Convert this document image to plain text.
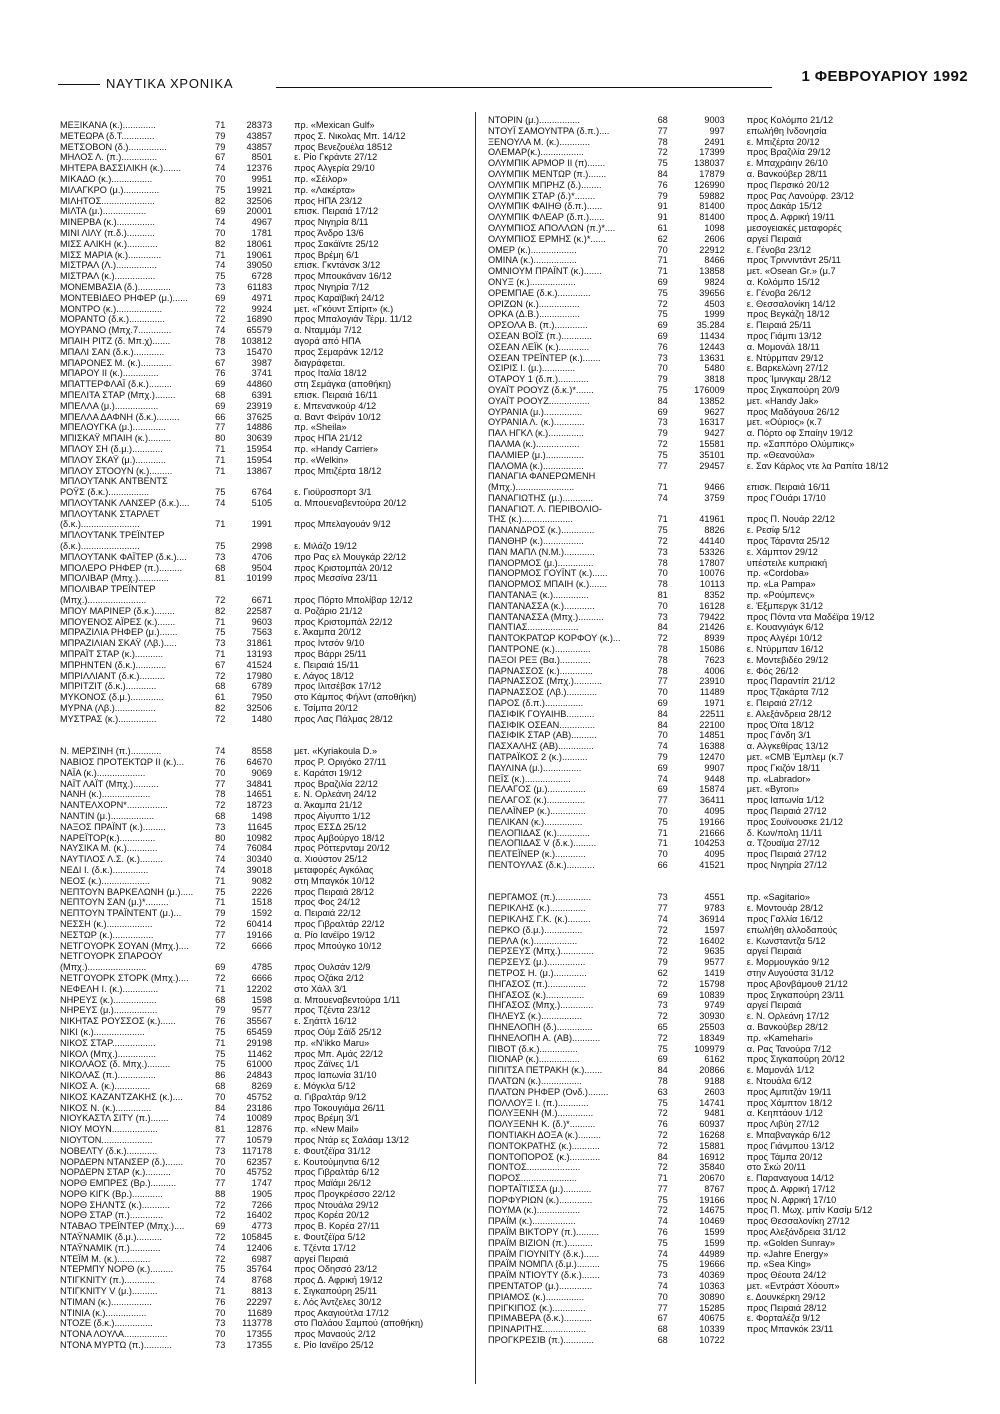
ΝΑΥΤΙΚΑ ΧΡΟΝΙΚΑ	1 ΦΕΒΡΟΥΑΡΙΟΥ 1992
ΜΕΞΙΚΑΝΑ (κ.).............	71	28373	πρ. «Mexican Gulf»
ΜΕΤΕΩΡΑ (δ.Τ.............	79	43857	προς Σ. Νικολας Μπ. 14/12
ΜΕΤΣΟΒΟΝ (δ.)...............	79	43857	προς Βενεζουέλα 18512
ΜΗΛΟΣ Λ. (π.)..............	67	8501	ε. Ρίο Γκράντε 27/12
ΜΗΤΕΡΑ ΒΑΣΣΙΛΙΚΗ (κ.).......	74	12376	προς Αλγερία 29/10
ΜΙΚΑΔΟ (κ.)................	70	9951	πρ. «Σέιλορ»
ΜΙΛΑΓΚΡΟ (μ.)..............	75	19921	πρ. «Λακέρτα»
ΜΙΛΗΤΟΣ.....................	82	32506	προς ΗΠΑ 23/12
ΜΙΛΤΑ (μ.).................	69	20001	επισκ. Πειραιά 17/12
ΜΙΝΕΡΒΑ (κ.)...............	74	4967	προς Νιγηρία 8/11
ΜΙΝΙ ΛΙΛΥ (π.δ.)...........	70	1781	προς Άνδρο 13/6
ΜΙΣΣ ΑΛΙΚΗ (κ.)............	82	18061	προς Σακάϊντε 25/12
ΜΙΣΣ ΜΑΡΙΑ (κ.).............	71	19061	προς Βρέμη 6/1
ΜΙΣΤΡΑΛ (Λ.)................	74	39050	επισκ. Γκντάνσκ 3/12
ΜΙΣΤΡΑΛ (κ.)................	75	6728	προς Μπουκάναν 16/12
ΜΟΝΕΜΒΑΣΙΑ (δ.).............	73	61183	προς Νιγηρία 7/12
ΜΟΝΤΕΒΙΔΕΟ ΡΗΦΕΡ (μ.)......	69	4971	προς Καραϊβική 24/12
ΜΟΝΤΡΟ (κ.)..................	72	9924	μετ. «Γκόυντ Σπίριτ» (κ.)
ΜΟΡΑΝΤΟ (δ.κ.)..............	72	16890	προς Μπαλογιάν Τέρμ. 11/12
ΜΟΥΡΑΝΟ (Μπχ.7.............	74	65579	α. Νταμμάμ 7/12
ΜΠΑΙΗ ΡΙΤΖ (δ. Μπ.χ).......	78	103812	αγορά από ΗΠΑ
ΜΠΑΛΙ ΣΑΝ (δ.κ.)............	73	15470	προς Σεμαράνκ 12/12
ΜΠΑΡΟΝΕΣ Μ. (κ.)............	67	3987	διαγράφεται.
ΜΠΑΡΟΥ ΙΙ (κ.)..............	76	3741	προς Ιταλία 18/12
ΜΠΑΤΤΕΡΦΛΑΪ (δ.κ.).........	69	44860	στη Σεμάγκα (αποθήκη)
ΜΠΕΛΙΤΑ ΣΤΑΡ (Μπχ.)........	68	6391	επισκ. Πειραιά 16/11
ΜΠΕΛΛΑ (μ.).................	69	23919	ε. Μπενανκούρ 4/12
ΜΠΕΛΛΑ ΔΑΦΝΗ (δ.κ.).........	66	37625	α. Βαντ Φεϊράν 10/12
ΜΠΕΛΟΥΓΚΑ (μ.).............	77	14886	πρ. «Sheila»
ΜΠΙΣΚΑΫ ΜΠΑΙΗ (κ.).........	80	30639	προς ΗΠΑ 21/12
ΜΠΛΟΥ ΣΗ (δ.μ.)............	71	15954	πρ. «Handy Carrier»
ΜΠΛΟΥ ΣΚΑΫ (μ.)............	71	15954	πρ. «Welkin»
ΜΠΛΟΥ ΣΤΟΟΥΝ (κ.).........	71	13867	προς Μπιζέρτα 18/12
ΜΠΛΟΥΤΑΝΚ ΑΝΤΒΕΝΤΣ
ΡΟΫΣ (δ.κ.)................	75	6764	ε. Γιοϋροσπορτ 3/1
ΜΠΛΟΥΤΑΝΚ ΛΑΝΣΕΡ (δ.κ.)....	74	5105	α. Μπουεναβεντούρα 20/12
ΜΠΛΟΥΤΑΝΚ ΣΤΑΡΛΕΤ
(δ.κ.).......................	71	1991	προς Μπελαγουάν 9/12
ΜΠΛΟΥΤΑΝΚ ΤΡΕΪΝΤΕΡ
(δ.κ.).......................	75	2998	ε. Μιλάζο 19/12
ΜΠΛΟΥΤΑΝΚ ΦΑΪΤΕΡ (δ.κ.)....	73	4706	προ Ρας ελ Μουγκάρ 22/12
ΜΠΟΛΕΡΟ ΡΗΦΕΡ (π.).........	68	9504	προς Κριστομπάλ 20/12
ΜΠΟΛΙΒΑΡ (Μπχ.)............	81	10199	προς Μεσσίνα 23/11
ΜΠΟΛΙΒΑΡ ΤΡΕΪΝΤΕΡ
(Μπχ.).......................	72	6671	προς Πόρτο Μπολίβαρ 12/12
ΜΠΟΥ ΜΑΡΙΝΕΡ (δ.κ.)........	82	22587	α. Ροζάριο 21/12
ΜΠΟΥΕΝΟΣ ΑΪΡΕΣ (κ.).......	71	9603	προς Κριστομπάλ 22/12
ΜΠΡΑΖΙΛΙΑ ΡΗΦΕΡ (μ.).......	75	7563	ε. Άκαμπα 20/12
ΜΠΡΑΖΙΛΙΑΝ ΣΚΑΫ (Λβ.).....	73	31861	προς Ιντσόν 9/10
ΜΠΡΑΪΤ ΣΤΑΡ (κ.)...........	71	13193	προς Βάρρι 25/11
ΜΠΡΗΝΤΕΝ (δ.κ.)............	67	41524	ε. Πειραιά 15/11
ΜΠΡΙΛΛΙΑΝΤ (δ.κ.)..........	72	17980	ε. Λάγος 18/12
ΜΠΡΙΤΖΙΤ (δ.κ.)............	68	6789	προς Ιλιτσέβσκ 17/12
ΜΥΚΟΝΟΣ (δ.μ.).............	61	7950	στο Κάμπος Φήλντ (αποθήκη)
ΜΥΡΝΑ (Λβ.)................	82	32506	ε. Τσίμπα 20/12
ΜΥΣΤΡΑΣ (κ.)...............	72	1480	προς Λας Πάλμας 28/12
Ν. ΜΕΡΣΙΝΗ (π.)............	74	8558	μετ. «Kyriakoula D.»
ΝΑΒΙΟΣ ΠΡΟΤΕΚΤΩΡ ΙΙ (κ.)...	76	64670	προς Ρ. Οριγόκο 27/11
ΝΑΪΑ (κ.)...................	70	9069	ε. Καράτσι 19/12
ΝΑΪΤ ΛΑΪΤ (Μπχ.)..........	77	34841	προς Βραζιλία 22/12
ΝΑΝΗ (κ.)...................	78	14651	ε. Ν. Ορλεάνη 24/12
ΝΑΝΤΕΛΧΟΡΝ*................	72	18723	α. Άκαμπα 21/12
ΝΑΝΤΙΝ (μ.).................	68	1498	προς Αίγυπτο 1/12
ΝΑΞΟΣ ΠΡΑΪΝΤ (κ.).........	73	11645	προς ΕΣΣΔ 25/12
ΝΑΡΕΪΤΟΡ(κ.)..............	80	10982	προς Αμβούργο 18/12
ΝΑΥΣΙΚΑ Μ. (κ.)............	74	76084	προς Ρόττερνταμ 20/12
ΝΑΥΤΙΛΟΣ Λ.Σ. (κ.).........	74	30340	α. Χιούστον 25/12
ΝΕΔΙ Ι. (δ.κ.)..............	74	39018	μεταφορές Αγκόλας
ΝΕΟΣ (κ.)...................	71	9082	στη Μπαγκόκ 10/12
ΝΕΠΤΟΥΝ ΒΑΡΚΕΛΩΝΗ (μ.).....	75	2226	προς Πειραιά 28/12
ΝΕΠΤΟΥΝ ΣΑΝ (μ.)*.........	71	1518	προς Φος 24/12
ΝΕΠΤΟΥΝ ΤΡΑΪΝΤΕΝΤ (μ.)...	79	1592	α. Πειραιά 22/12
ΝΕΣΣΗ (κ.)..................	72	60414	προς Γιβραλτάρ 22/12
ΝΕΣΤΩΡ (κ.)................	77	19166	α. Ρίο Ιανέϊρο 19/12
ΝΕΤΓΟΥΟΡΚ ΣΟΥΑΝ (Μπχ.)....	72	6666	προς Μπούγκο 10/12
ΝΕΤΓΟΥΟΡΚ ΣΠΑΡΟΟΥ
(Μπχ.).......................	69	4785	προς Ουλσάν 12/9
ΝΕΤΓΟΥΟΡΚ ΣΤΟΡΚ (Μπχ.)....	72	6666	προς Οζάκα 2/12
ΝΕΦΕΛΗ Ι. (κ.)..............	71	12202	στο Χάλλ 3/1
ΝΗΡΕΥΣ (κ.).................	68	1598	α. Μπουεναβεντούρα 1/11
ΝΗΡΕΥΣ (μ.).................	79	9577	προς Τζέντα 23/12
ΝΙΚΗΤΑΣ ΡΟΥΣΣΟΣ (κ.)......	76	35567	ε. Σηάττλ 16/12
ΝΙΚΙ (κ.)....................	75	65459	προς Ούμ Σάϊδ 25/12
ΝΙΚΟΣ ΣΤΑΡ.................	71	29198	πρ. «Ν'ikko Maru»
ΝΙΚΟΛ (Μπχ.)...............	75	11462	προς Μπ. Αμάς 22/12
ΝΙΚΟΛΑΟΣ (δ. Μπχ.).........	75	61000	προς Ζάϊνες 1/1
ΝΙΚΟΛΑΣ (π.)...............	86	24843	προς Ιαπωνία 31/10
ΝΙΚΟΣ Α. (κ.)..............	68	8269	ε. Μόγκλα 5/12
ΝΙΚΟΣ ΚΑΖΑΝΤΖΑΚΗΣ (κ.)....	70	45752	α. Γιβραλτάρ 9/12
ΝΙΚΟΣ Ν. (κ.)..............	84	23186	προ Τοκουγιάμα 26/11
ΝΙΟΥΚΑΣΤΛ ΣΙΤΥ (π.).......	74	10089	προς Βρέμη 3/1
ΝΙΟΥ ΜΟΥΝ..................	81	12876	πρ. «New Mail»
ΝΙΟΥΤΟΝ....................	77	10579	προς Ντάρ ες Σαλάαμ 13/12
ΝΟΒΕΛΤΥ (δ.κ.)............	73	117178	ε. Φουτζέϊρα 31/12
ΝΟΡΔΕΡΝ ΝΤΑΝΣΕΡ (δ.).......	70	62357	ε. Κουτούμηντια 6/12
ΝΟΡΔΕΡΝ ΣΤΑΡ (κ.)..........	70	45752	προς Γιβραλτάρ 6/12
ΝΟΡΘ ΕΜΠΡΕΣ (Βρ.)..........	77	1747	προς Μαϊάμι 26/12
ΝΟΡΘ ΚΙΓΚ (Βρ.)............	88	1905	προς Προγκρέσσο 22/12
ΝΟΡΘ ΣΗΛΝΤΣ (κ.)...........	72	7266	προς Ντουάλα 29/12
ΝΟΡΘ ΣΤΑΡ (π.).............	72	16402	προς Κορέα 20/12
ΝΤΑΒΑΟ ΤΡΕΪΝΤΕΡ (Μπχ.)....	69	4773	προς Β. Κορέα 27/11
ΝΤΑΫΝΑΜΙΚ (δ.μ.)..........	72	105845	ε. Φουτζέϊρα 5/12
ΝΤΑΫΝΑΜΙΚ (π.)............	74	12406	ε. Τζέντα 17/12
ΝΤΕΪΜ Μ. (κ.).............	72	6987	αργεί Πειραιά
ΝΤΕΡΜΠΥ ΝΟΡΘ (κ.).........	75	35764	προς Οδησσό 23/12
ΝΤΙΓΚΝΙΤΥ (π.)............	74	8768	προς Δ. Αφρική 19/12
ΝΤΙΓΚΝΙΤΥ V (μ.)..........	71	8813	ε. Σιγκαπούρη 25/11
ΝΤΙΜΑΝ (κ.)................	76	22297	ε. Λός Άντζελες 30/12
ΝΤΙΝΙΑ (κ.)................	70	11689	προς Ακαγιούτλα 17/12
ΝΤΟΖΕ (δ.κ.)...............	73	113778	στο Παλάου Σαμπού (αποθήκη)
ΝΤΟΝΑ ΛΟΥΛΑ.................	70	17355	προς Μαναούς 2/12
ΝΤΟΝΑ ΜΥΡΤΩ (π.)...........	73	17355	ε. Ρίο Ιανέϊρο 25/12
ΝΤΟΡΙΝ (μ.)................	68	9003	προς Κολόμπο 21/12
ΝΤΟΥΪ ΣΑΜΟΥΝΤΡΑ (δ.π.)....	77	997	επωλήθη Ινδονησία
ΞΕΝΟΥΛΑ Μ. (κ.)............	78	2491	ε. Μπιζέρτα 20/12
ΟΛΕΜΑΡ(κ.).................	72	17399	προς Βραζιλία 29/12
ΟΛΥΜΠΙΚ ΑΡΜΟΡ ΙΙ (π).......	75	138037	ε. Μπαχράιην 26/10
ΟΛΥΜΠΙΚ ΜΕΝΤΩΡ (π.).......	84	17879	α. Βανκούβερ 28/11
ΟΛΥΜΠΙΚ ΜΠΡΗΖ (δ.)........	76	126990	προς Περσικό 20/12
ΟΛΥΜΠΙΚ ΣΤΑΡ (δ.)*........	79	59882	προς Ρας Λανούρφ. 23/12
ΟΛΥΜΠΙΚ ΦΑΙΗΘ (δ.π.)......	91	81400	προς Δακάρ 15/12
ΟΛΥΜΠΙΚ ΦΛΕΑΡ (δ.π.)......	91	81400	προς Δ. Αφρική 19/11
ΟΛΥΜΠΙΟΣ ΑΠΟΛΛΩΝ (π.)*....	61	1098	μεσογειακές μεταφορές
ΟΛΥΜΠΙΟΣ ΕΡΜΗΣ (κ.)*......	62	2606	αργεί Πειραιά
ΟΜΕΡ (κ.)..................	70	22912	ε. Γένοβα 23/12
ΟΜΙΝΑ (κ.).................	71	8466	προς Τριννιντάντ 25/11
ΟΜΝΙΟΥΜ ΠΡΑΪΝΤ (κ.).......	71	13858	μετ. «Osean Gr.» (μ.7
ΟΝΥΞ (κ.)..................	69	9824	α. Κολόμπο 15/12
ΟΡΕΜΠΑΕ (δ.κ.).............	75	39656	ε. Γένοβα 26/12
ΟΡΙΖΩΝ (κ.)................	72	4503	ε. Θεσσαλονίκη 14/12
ΟΡΚΑ (Δ.Β.)................	75	1999	προς Βεγκάζη 18/12
ΟΡΣΟΛΑ Β. (π.).............	69	35.284	ε. Πειραιά 25/11
ΟΣΕΑΝ ΒΟΪΣ (π.)............	69	11434	προς Γιάμπι 13/12
ΟΣΕΑΝ ΛΕΪΚ (κ.)............	76	12443	α. Μομονάλ 18/11
ΟΣΕΑΝ ΤΡΕΪΝΤΕΡ (κ.).......	73	13631	ε. Ντύρμπαν 29/12
ΟΣΙΡΙΣ Ι. (μ.).............	70	5480	ε. Βαρκελώνη 27/12
ΟΤΑΡΟΥ 1 (δ.π.)............	79	3818	προς Ίμινγκαμ 28/12
ΟΥΑΪΤ ΡΟΟΥΖ (δ.κ.)*.......	75	176009	προς Σιγκαπούρη 20/9
ΟΥΑΪΤ ΡΟΟΥΖ................	84	13852	μετ. «Handy Jak»
ΟΥΡΑΝΙΑ (μ.)...............	69	9627	προς Μαδάγουα 26/12
ΟΥΡΑΝΙΑ Λ. (κ.)............	73	16317	μετ. «Ούριος» (κ.7
ΠΑΛ ΗΓΚΛ (κ.)..............	79	9427	α. Πόρτο οφ Σπαίην 19/12
ΠΑΛΜΑ (κ.).................	72	15581	πρ. «Σαππόρο Ολύμπικς»
ΠΑΛΜΙΕΡ (μ.)...............	75	35101	πρ. «Θεανούλα»
ΠΑΛΟΜΑ (κ.)................	77	29457	ε. Σαν Κάρλος ντε λα Ραπίτα 18/12
ΠΑΝΑΓΙΑ ΦΑΝΕΡΩΜΕΝΗ
(Μπχ.).......................	71	9466	επισκ. Πειραιά 16/11
ΠΑΝΑΓΙΩΤΗΣ (μ.)............	74	3759	προς ΓΟυάρι 17/10
ΠΑΝΑΓΙΩΤ. Λ. ΠΕΡΙΒΟΛΙΟ-
ΤΗΣ (κ.)....................	71	41961	προς Π. Νουάρ 22/12
ΠΑΝΑΝΔΡΟΣ (κ.).............	75	8826	ε. Ρεσίφ 5/12
ΠΑΝΘΗΡ (κ.)................	72	44140	προς Τάραντα 25/12
ΠΑΝ ΜΑΠΛ (Ν.Μ.)............	73	53326	ε. Χάμπτον 29/12
ΠΑΝΟΡΜΟΣ (μ.)..............	78	17807	υπέστειλε κυπριακή
ΠΑΝΟΡΜΟΣ ΓΟΥΪΝΤ (κ.)......	70	10076	πρ. «Cordoba»
ΠΑΝΟΡΜΟΣ ΜΠΑΙΗ (κ.).......	78	10113	πρ. «La Pampa»
ΠΑΝΤΑΝΑΞ (κ.)..............	81	8352	πρ. «Ρούμπενς»
ΠΑΝΤΑΝΑΣΣΑ (κ.)............	70	16128	ε. Έξμπεργκ 31/12
ΠΑΝΤΑΝΑΣΣΑ (Μπχ.)..........	73	79422	προς Πόντα ντα Μαδέϊρα 19/12
ΠΑΝΤΙΑΣ....................	84	21426	ε. Κουανγιάγκ 6/12
ΠΑΝΤΟΚΡΑΤΩΡ ΚΟΡΦΟΥ (κ.)...	72	8939	προς Αλγέρι 10/12
ΠΑΝΤΡΟΝΕ (κ.)..............	78	15086	ε. Ντύρμπαν 16/12
ΠΑΞΟΙ ΡΕΞ (Βα.)............	78	7623	ε. Μοντεβιδέο 29/12
ΠΑΡΝΑΣΣΟΣ (κ.).............	78	4006	ε. Φός 26/12
ΠΑΡΝΑΣΣΟΣ (Μπχ.)...........	77	23910	προς Παραντίπ 21/12
ΠΑΡΝΑΣΣΟΣ (Λβ.)............	70	11489	προς Τζακάρτα 7/12
ΠΑΡΟΣ (δ.π.)...............	69	1971	ε. Πειραιά 27/12
ΠΑΣΙΦΙΚ ΓΟΥΑΙΗΒ...........	84	22511	ε. Αλεξάνδρεια 28/12
ΠΑΣΙΦΙΚ ΟΣΕΑΝ..............	84	22100	προς Όϊτα 18/12
ΠΑΣΙΦΙΚ ΣΤΑΡ (ΑΒ)..........	70	14851	προς Γάνδη 3/1
ΠΑΣΧΑΛΗΣ (ΑΒ)..............	74	16388	α. Αλγκεθίρας 13/12
ΠΑΤΡΑΪΚΟΣ 2 (κ.)..........	79	12470	μετ. «CMB Έμπλεμ (κ.7
ΠΑΥΛΙΝΑ (μ.)...............	69	9907	προς Γκιζόν 18/11
ΠΕΪΣ (κ.)..................	74	9448	πρ. «Labrador»
ΠΕΛΑΓΟΣ (μ.)...............	69	15874	μετ. «Byron»
ΠΕΛΑΓΟΣ (κ.)...............	77	36411	προς Ιαπωνία 1/12
ΠΕΛΑΪΝΕΡ (κ.)..............	70	4095	προς Πειραιά 27/12
ΠΕΛΙΚΑΝ (κ.)...............	75	19166	προς Σουϊνουσκε 21/12
ΠΕΛΟΠΙΔΑΣ (κ.).............	71	21666	δ. Κων/πολη 11/11
ΠΕΛΟΠΙΔΑΣ V (δ.κ.).........	71	104253	α. Τζουαϊμα 27/12
ΠΕΛΤΕΪΝΕΡ (κ.)............	70	4095	προς Πειραιά 27/12
ΠΕΝΤΟΥΛΑΣ (δ.κ.)...........	66	41521	προς Νιγηρία 27/12
ΠΕΡΓΑΜΟΣ (π.)..............	73	4551	πρ. «Sagitario»
ΠΕΡΙΚΛΗΣ (κ.)..............	77	9783	ε. Μοντουάρ 28/12
ΠΕΡΙΚΛΗΣ Γ.Κ. (κ.).........	74	36914	προς Γαλλία 16/12
ΠΕΡΚΟ (δ.μ.)...............	72	1597	επωλήθη αλλοδαπούς
ΠΕΡΛΑ (κ.).................	72	16402	ε. Κωνσταντζα 5/12
ΠΕΡΣΕΥΣ (Μπχ.).............	72	9635	αργεί Πειραιά
ΠΕΡΣΕΥΣ (μ.)...............	79	9577	ε. Μορμουγκάο 9/12
ΠΕΤΡΟΣ Η. (μ.).............	62	1419	στην Αυγούστα 31/12
ΠΗΓΑΣΟΣ (π.)...............	72	15798	προς Αβονβάμουθ 21/12
ΠΗΓΑΣΟΣ (κ.)...............	69	10839	προς Σιγκαπούρη 23/11
ΠΗΓΑΣΟΣ (Μπχ.).............	73	9749	αργεί Πειραιά
ΠΗΛΕΥΣ (κ.)................	72	30930	ε. Ν. Ορλεάνη 17/12
ΠΗΝΕΛΟΠΗ (δ.)..............	65	25503	α. Βανκούβερ 28/12
ΠΗΝΕΛΟΠΗ Α. (ΑΒ)...........	72	18349	πρ. «Kamehari»
ΠΙΒΟΤ (δ.κ.)...............	75	109979	α. Ρας Τανούρα 7/12
ΠΙΟΝΑΡ (κ.)................	69	6162	προς Σιγκαπούρη 20/12
ΠΙΠΙΤΣΑ ΠΕΤΡΑΚΗ (κ.).......	84	20866	ε. Μαμονάλ 1/12
ΠΛΑΤΩΝ (κ.)................	78	9188	ε. Ντουάλα 6/12
ΠΛΑΤΩΝ ΡΗΦΕΡ (Ονδ.)........	63	2603	προς Αμπιτζάν 19/11
ΠΟΛΛΟΥΞ Ι. (π.)............	75	14741	προς Χάμπτον 18/12
ΠΟΛΥΞΕΝΗ (Μ.)..............	72	9481	α. Κεηπτάουν 1/12
ΠΟΛΥΞΕΝΗ Κ. (δ.)*..........	76	60937	προς Λιβύη 27/12
ΠΟΝΤΙΑΚΗ ΔΟΞΑ (κ.).........	72	16268	ε. Μπαβναγκάρ 6/12
ΠΟΝΤΟΚΡΑΤΗΣ (κ.)...........	72	15881	προς Γιάνμπου 13/12
ΠΟΝΤΟΠΟΡΟΣ (κ.)............	84	16912	προς Τάμπα 20/12
ΠΟΝΤΟΣ.....................	72	35840	στο Σκώ 20/11
ΠΟΡΟΣ......................	71	20670	ε. Παραναγουα 14/12
ΠΟΡΤΑΪΤΙΣΣΑ (μ.)...........	77	8767	προς Δ. Αφρική 17/12
ΠΟΡΦΥΡΙΩΝ (κ.).............	75	19166	προς Ν. Αφρική 17/10
ΠΟΥΜΑ (κ.).................	72	14675	προς Π. Μωχ. μπίν Κασίμ 5/12
ΠΡΑΪΜ (κ.).................	74	10469	προς Θεσσαλονίκη 27/12
ΠΡΑΪΜ ΒΙΚΤΟΡΥ (π.).........	76	1599	προς Αλεξάνδρεια 31/12
ΠΡΑΪΜ ΒΙΖΙΟΝ (π.)..........	75	1599	πρ. «Golden Sunray»
ΠΡΑΪΜ ΓΙΟΥΝΙΤΥ (δ.κ.)......	74	44989	πρ. «Jahre Energy»
ΠΡΑΪΜ ΝΟΜΠΛ (δ.μ.).........	75	19666	πρ. «Sea King»
ΠΡΑΪΜ ΝΤΙΟΥΤΥ (δ.κ.).......	73	40369	προς Θέουτα 24/12
ΠΡΕΝΤΑΤΟΡ (μ.).............	74	10363	μετ. «Εντράστ Χόουπ»
ΠΡΙΑΜΟΣ (κ.)...............	70	30890	ε. Δουνκέρκη 29/12
ΠΡΙΓΚΙΠΟΣ (κ.).............	77	15285	προς Πειραιά 28/12
ΠΡΙΜΑΒΕΡΑ (δ.κ.)...........	67	40675	ε. Φορταλέζα 9/12
ΠΡΙΝΑΡΙΤΗΣ.................	68	10339	προς Μπανκόκ 23/11
ΠΡΟΓΚΡΕΣΙΒ (π.)............	68	10722
